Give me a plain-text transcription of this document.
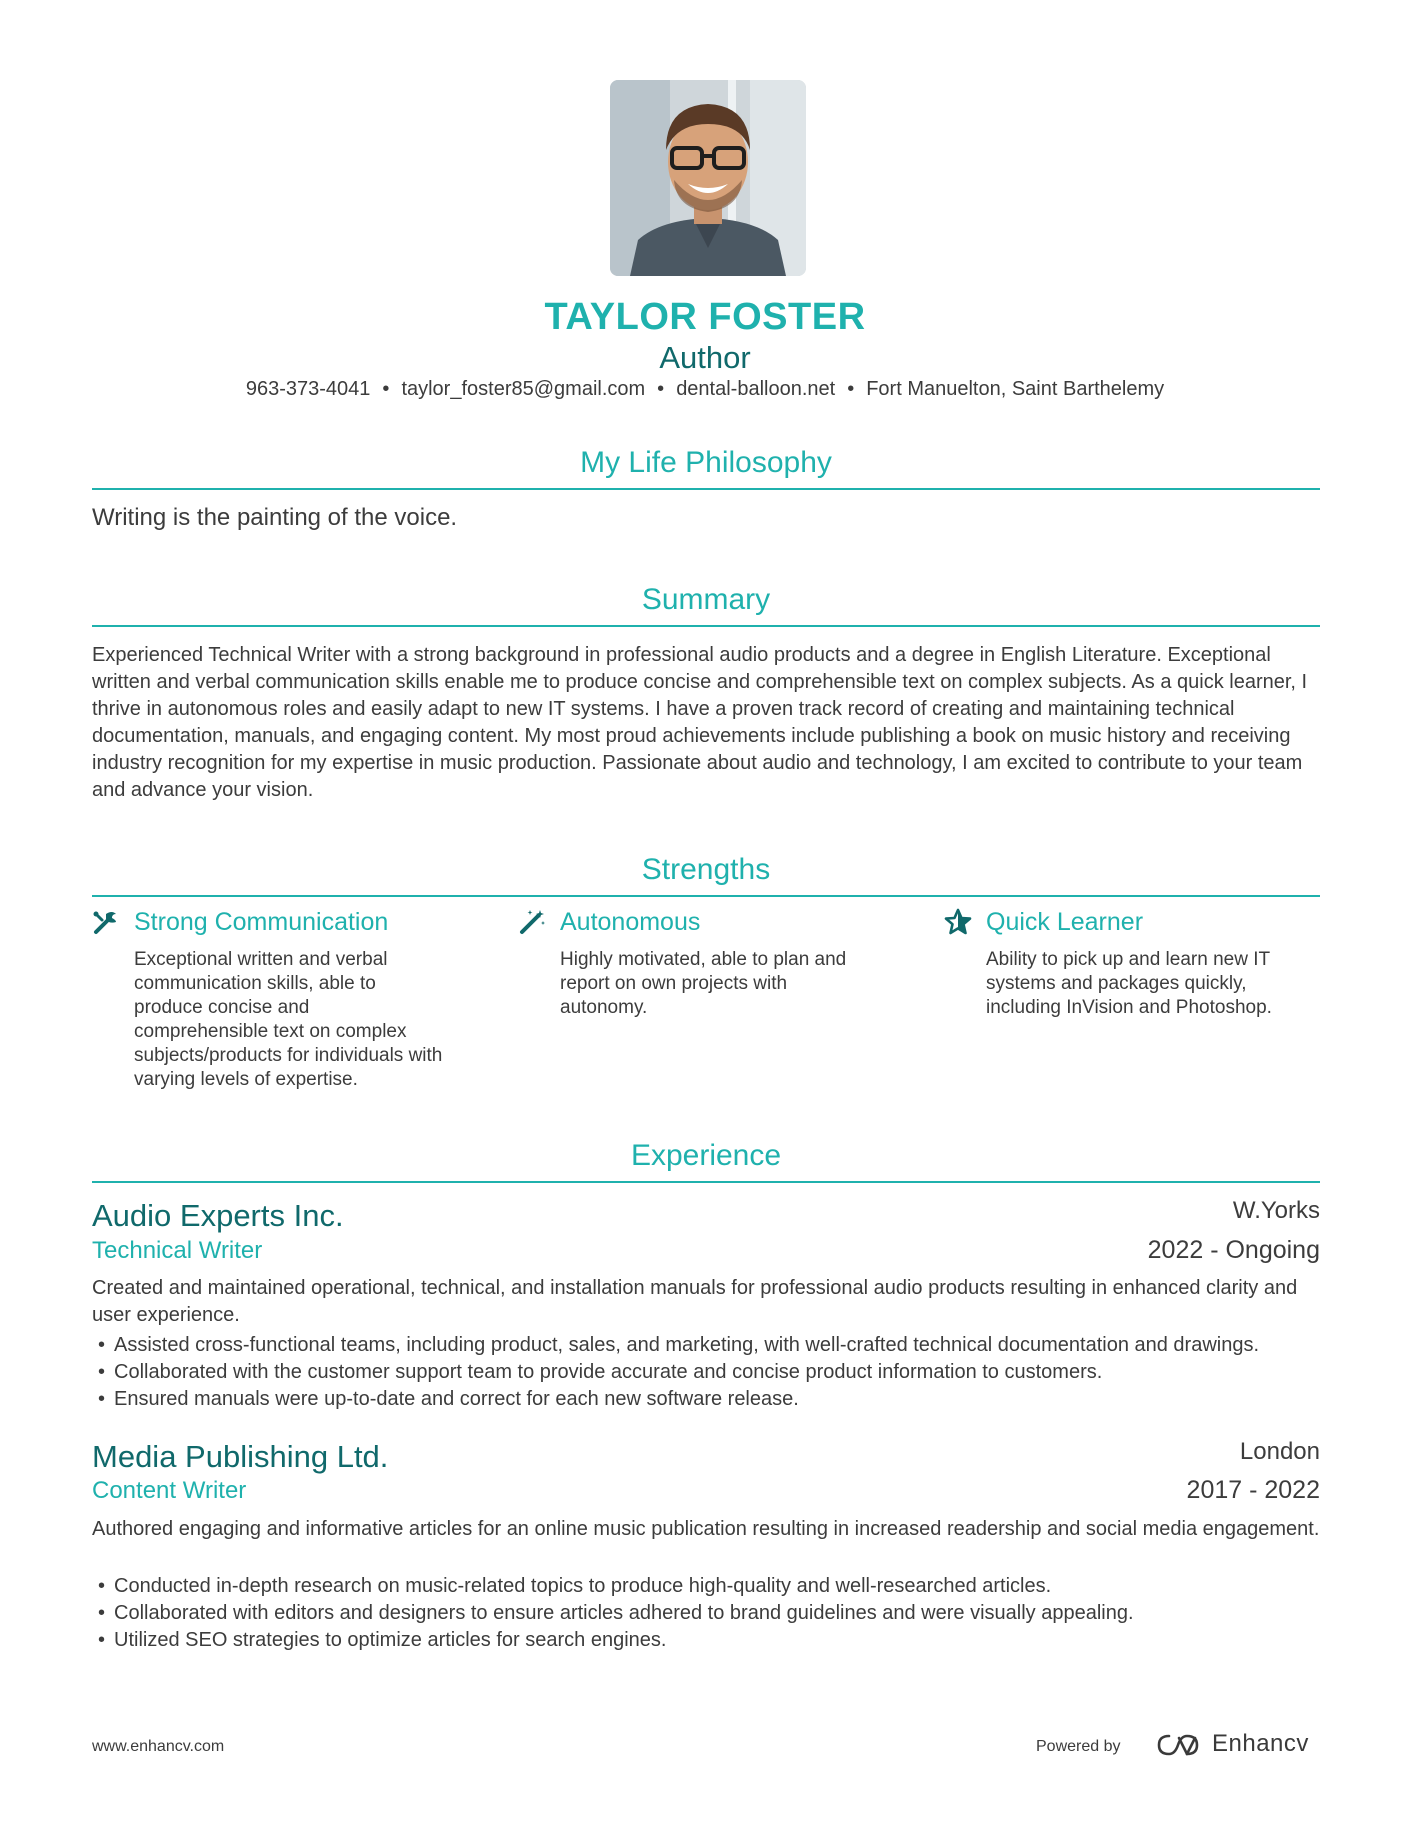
TAYLOR FOSTER
Author
963-373-4041 • taylor_foster85@gmail.com • dental-balloon.net • Fort Manuelton, Saint Barthelemy
My Life Philosophy
Writing is the painting of the voice.
Summary
Experienced Technical Writer with a strong background in professional audio products and a degree in English Literature. Exceptional written and verbal communication skills enable me to produce concise and comprehensible text on complex subjects. As a quick learner, I thrive in autonomous roles and easily adapt to new IT systems. I have a proven track record of creating and maintaining technical documentation, manuals, and engaging content. My most proud achievements include publishing a book on music history and receiving industry recognition for my expertise in music production. Passionate about audio and technology, I am excited to contribute to your team and advance your vision.
Strengths
Strong Communication
Exceptional written and verbal communication skills, able to produce concise and comprehensible text on complex subjects/products for individuals with varying levels of expertise.
Autonomous
Highly motivated, able to plan and report on own projects with autonomy.
Quick Learner
Ability to pick up and learn new IT systems and packages quickly, including InVision and Photoshop.
Experience
Audio Experts Inc.	W.Yorks
Technical Writer	2022 - Ongoing
Created and maintained operational, technical, and installation manuals for professional audio products resulting in enhanced clarity and user experience.
• Assisted cross-functional teams, including product, sales, and marketing, with well-crafted technical documentation and drawings.
• Collaborated with the customer support team to provide accurate and concise product information to customers.
• Ensured manuals were up-to-date and correct for each new software release.
Media Publishing Ltd.	London
Content Writer	2017 - 2022
Authored engaging and informative articles for an online music publication resulting in increased readership and social media engagement.
• Conducted in-depth research on music-related topics to produce high-quality and well-researched articles.
• Collaborated with editors and designers to ensure articles adhered to brand guidelines and were visually appealing.
• Utilized SEO strategies to optimize articles for search engines.
www.enhancv.com	Powered by	Enhancv
